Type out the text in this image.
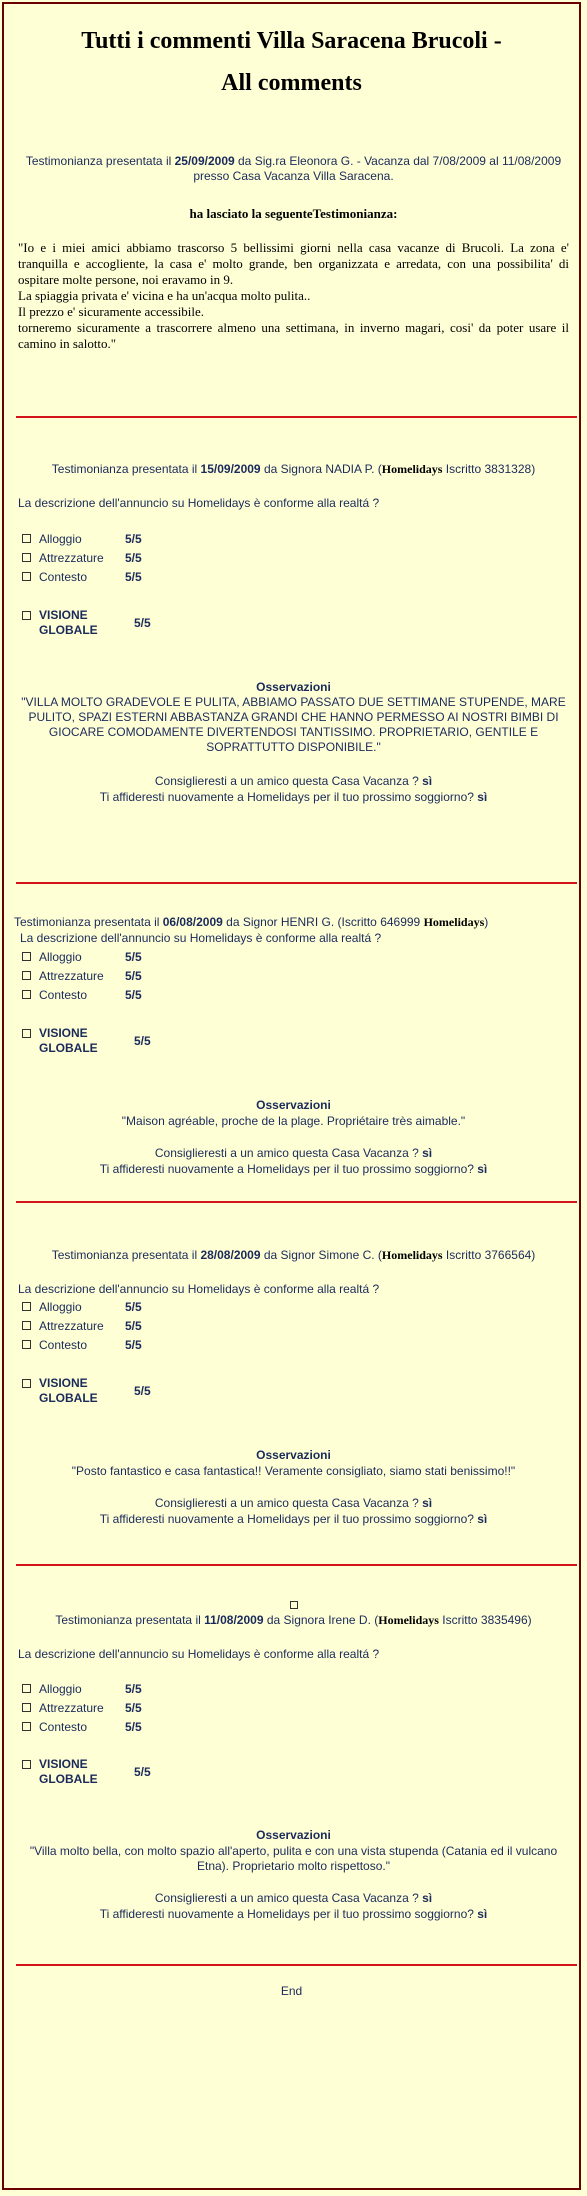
Tutti i commenti Villa Saracena Brucoli -
All comments
Testimonianza presentata il 25/09/2009 da Sig.ra Eleonora G. - Vacanza dal 7/08/2009 al 11/08/2009 presso Casa Vacanza Villa Saracena.
ha lasciato la seguenteTestimonianza:
"Io e i miei amici abbiamo trascorso 5 bellissimi giorni nella casa vacanze di Brucoli. La zona e' tranquilla e accogliente, la casa e' molto grande, ben organizzata e arredata, con una possibilita' di ospitare molte persone, noi eravamo in 9.
La spiaggia privata e' vicina e ha un'acqua molto pulita..
Il prezzo e' sicuramente accessibile.
torneremo sicuramente a trascorrere almeno una settimana, in inverno magari, cosi' da poter usare il camino in salotto."
Testimonianza presentata il 15/09/2009 da Signora NADIA P. (Homelidays Iscritto 3831328)
La descrizione dell'annuncio su Homelidays è conforme alla realtá ?
Alloggio	5/5
Attrezzature	5/5
Contesto	5/5
VISIONE
GLOBALE	5/5
Osservazioni
"VILLA MOLTO GRADEVOLE E PULITA, ABBIAMO PASSATO DUE SETTIMANE STUPENDE, MARE PULITO, SPAZI ESTERNI ABBASTANZA GRANDI CHE HANNO PERMESSO AI NOSTRI BIMBI DI GIOCARE COMODAMENTE DIVERTENDOSI TANTISSIMO. PROPRIETARIO, GENTILE E SOPRATTUTTO DISPONIBILE."
Consiglieresti a un amico questa Casa Vacanza ? sì
Ti affideresti nuovamente a Homelidays per il tuo prossimo soggiorno? sì
Testimonianza presentata il 06/08/2009 da Signor HENRI G. (Iscritto 646999 Homelidays)
La descrizione dell'annuncio su Homelidays è conforme alla realtá ?
Alloggio	5/5
Attrezzature	5/5
Contesto	5/5
VISIONE
GLOBALE	5/5
Osservazioni
"Maison agréable, proche de la plage. Propriétaire très aimable."
Consiglieresti a un amico questa Casa Vacanza ? sì
Ti affideresti nuovamente a Homelidays per il tuo prossimo soggiorno? sì
Testimonianza presentata il 28/08/2009 da Signor Simone C. (Homelidays Iscritto 3766564)
La descrizione dell'annuncio su Homelidays è conforme alla realtá ?
Alloggio	5/5
Attrezzature	5/5
Contesto	5/5
VISIONE
GLOBALE	5/5
Osservazioni
"Posto fantastico e casa fantastica!! Veramente consigliato, siamo stati benissimo!!"
Consiglieresti a un amico questa Casa Vacanza ? sì
Ti affideresti nuovamente a Homelidays per il tuo prossimo soggiorno? sì
Testimonianza presentata il 11/08/2009 da Signora Irene D. (Homelidays Iscritto 3835496)
La descrizione dell'annuncio su Homelidays è conforme alla realtá ?
Alloggio	5/5
Attrezzature	5/5
Contesto	5/5
VISIONE
GLOBALE	5/5
Osservazioni
"Villa molto bella, con molto spazio all'aperto, pulita e con una vista stupenda (Catania ed il vulcano Etna). Proprietario molto rispettoso."
Consiglieresti a un amico questa Casa Vacanza ? sì
Ti affideresti nuovamente a Homelidays per il tuo prossimo soggiorno? sì
End
